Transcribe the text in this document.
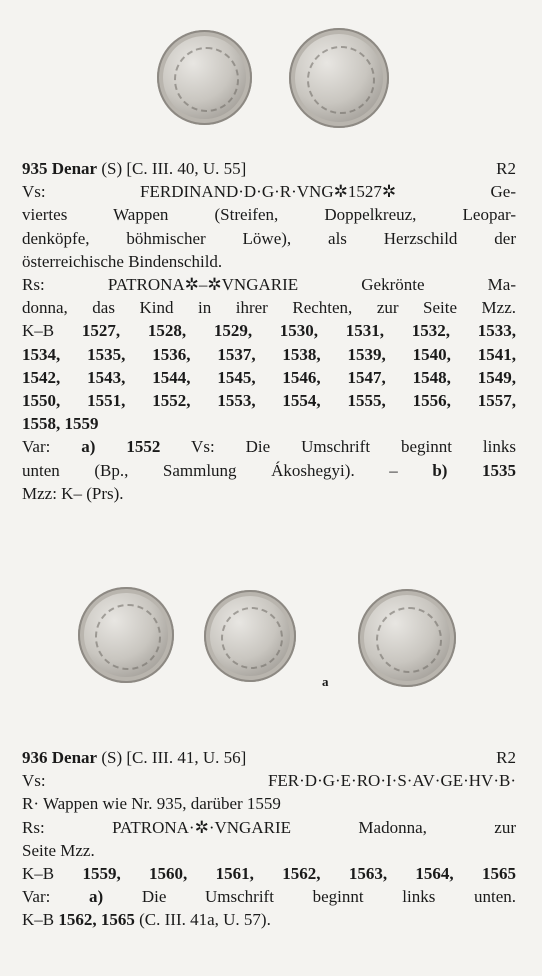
935 Denar (S) [C. III. 40, U. 55]	R2
Vs: FERDINAND·D·G·R·VNG✲1527✲ Ge-
viertes Wappen (Streifen, Doppelkreuz, Leopar-
denköpfe, böhmischer Löwe), als Herzschild der
österreichische Bindenschild.
Rs: PATRONA✲–✲VNGARIE Gekrönte Ma-
donna, das Kind in ihrer Rechten, zur Seite Mzz.
K–B 1527, 1528, 1529, 1530, 1531, 1532, 1533,
1534, 1535, 1536, 1537, 1538, 1539, 1540, 1541,
1542, 1543, 1544, 1545, 1546, 1547, 1548, 1549,
1550, 1551, 1552, 1553, 1554, 1555, 1556, 1557,
1558, 1559
Var: a) 1552 Vs: Die Umschrift beginnt links
unten (Bp., Sammlung Ákoshegyi). – b) 1535
Mzz: K– (Prs).
a
936 Denar (S) [C. III. 41, U. 56]	R2
Vs: FER·D·G·E·RO·I·S·AV·GE·HV·B·
R· Wappen wie Nr. 935, darüber 1559
Rs: PATRONA·✲·VNGARIE Madonna, zur
Seite Mzz.
K–B 1559, 1560, 1561, 1562, 1563, 1564, 1565
Var: a) Die Umschrift beginnt links unten.
K–B 1562, 1565 (C. III. 41a, U. 57).
